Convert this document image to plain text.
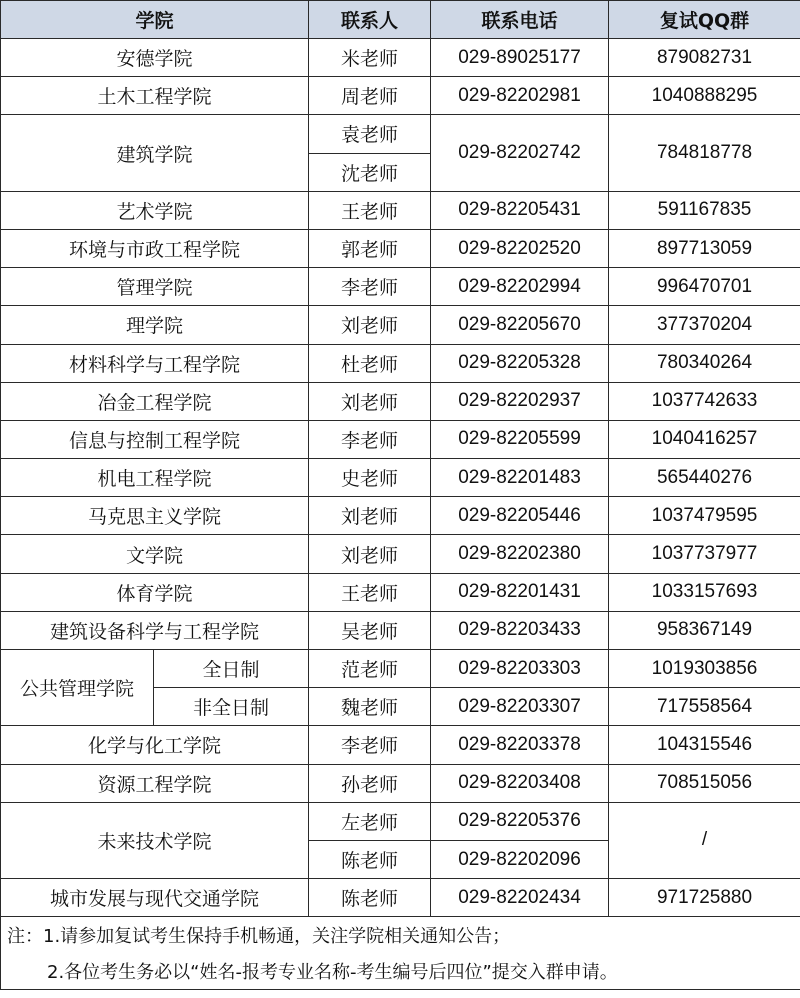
学院		联系人	联系电话	复试QQ群
安德学院		米老师	029-89025177	879082731
土木工程学院		周老师	029-82202981	1040888295
建筑学院		袁老师	029-82202742	784818778
		沈老师		
艺术学院		王老师	029-82205431	591167835
环境与市政工程学院		郭老师	029-82202520	897713059
管理学院		李老师	029-82202994	996470701
理学院		刘老师	029-82205670	377370204
材料科学与工程学院		杜老师	029-82205328	780340264
冶金工程学院		刘老师	029-82202937	1037742633
信息与控制工程学院		李老师	029-82205599	1040416257
机电工程学院		史老师	029-82201483	565440276
马克思主义学院		刘老师	029-82205446	1037479595
文学院		刘老师	029-82202380	1037737977
体育学院		王老师	029-82201431	1033157693
建筑设备科学与工程学院		吴老师	029-82203433	958367149
公共管理学院	全日制	范老师	029-82203303	1019303856
	非全日制	魏老师	029-82203307	717558564
化学与化工学院		李老师	029-82203378	104315546
资源工程学院		孙老师	029-82203408	708515056
未来技术学院		左老师	029-82205376	/
		陈老师	029-82202096	
城市发展与现代交通学院		陈老师	029-82202434	971725880
注：1.请参加复试考生保持手机畅通，关注学院相关通知公告；				
2.各位考生务必以“姓名-报考专业名称-考生编号后四位”提交入群申请。				
